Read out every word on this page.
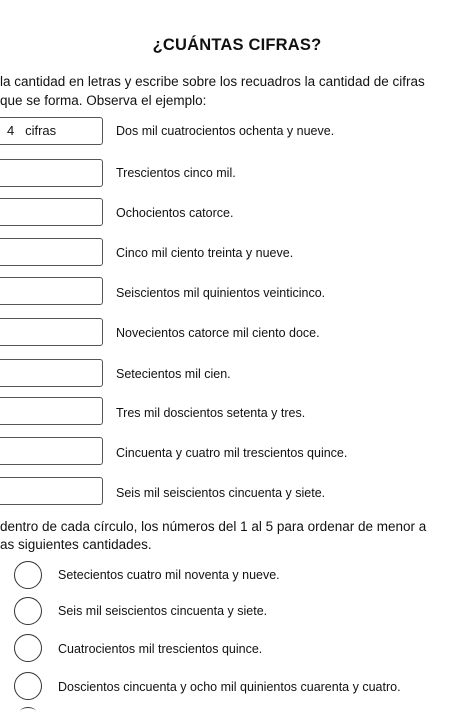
¿CUÁNTAS CIFRAS?

la cantidad en letras y escribe sobre los recuadros la cantidad de cifras

que se forma. Observa el ejemplo:

4 cifras	Dos mil cuatrocientos ochenta y nueve.
Trescientos cinco mil.
Ochocientos catorce.
Cinco mil ciento treinta y nueve.
Seiscientos mil quinientos veinticinco.
Novecientos catorce mil ciento doce.
Setecientos mil cien.
Tres mil doscientos setenta y tres.
Cincuenta y cuatro mil trescientos quince.
Seis mil seiscientos cincuenta y siete.

dentro de cada círculo, los números del 1 al 5 para ordenar de menor a

as siguientes cantidades.

Setecientos cuatro mil noventa y nueve.
Seis mil seiscientos cincuenta y siete.
Cuatrocientos mil trescientos quince.
Doscientos cincuenta y ocho mil quinientos cuarenta y cuatro.
